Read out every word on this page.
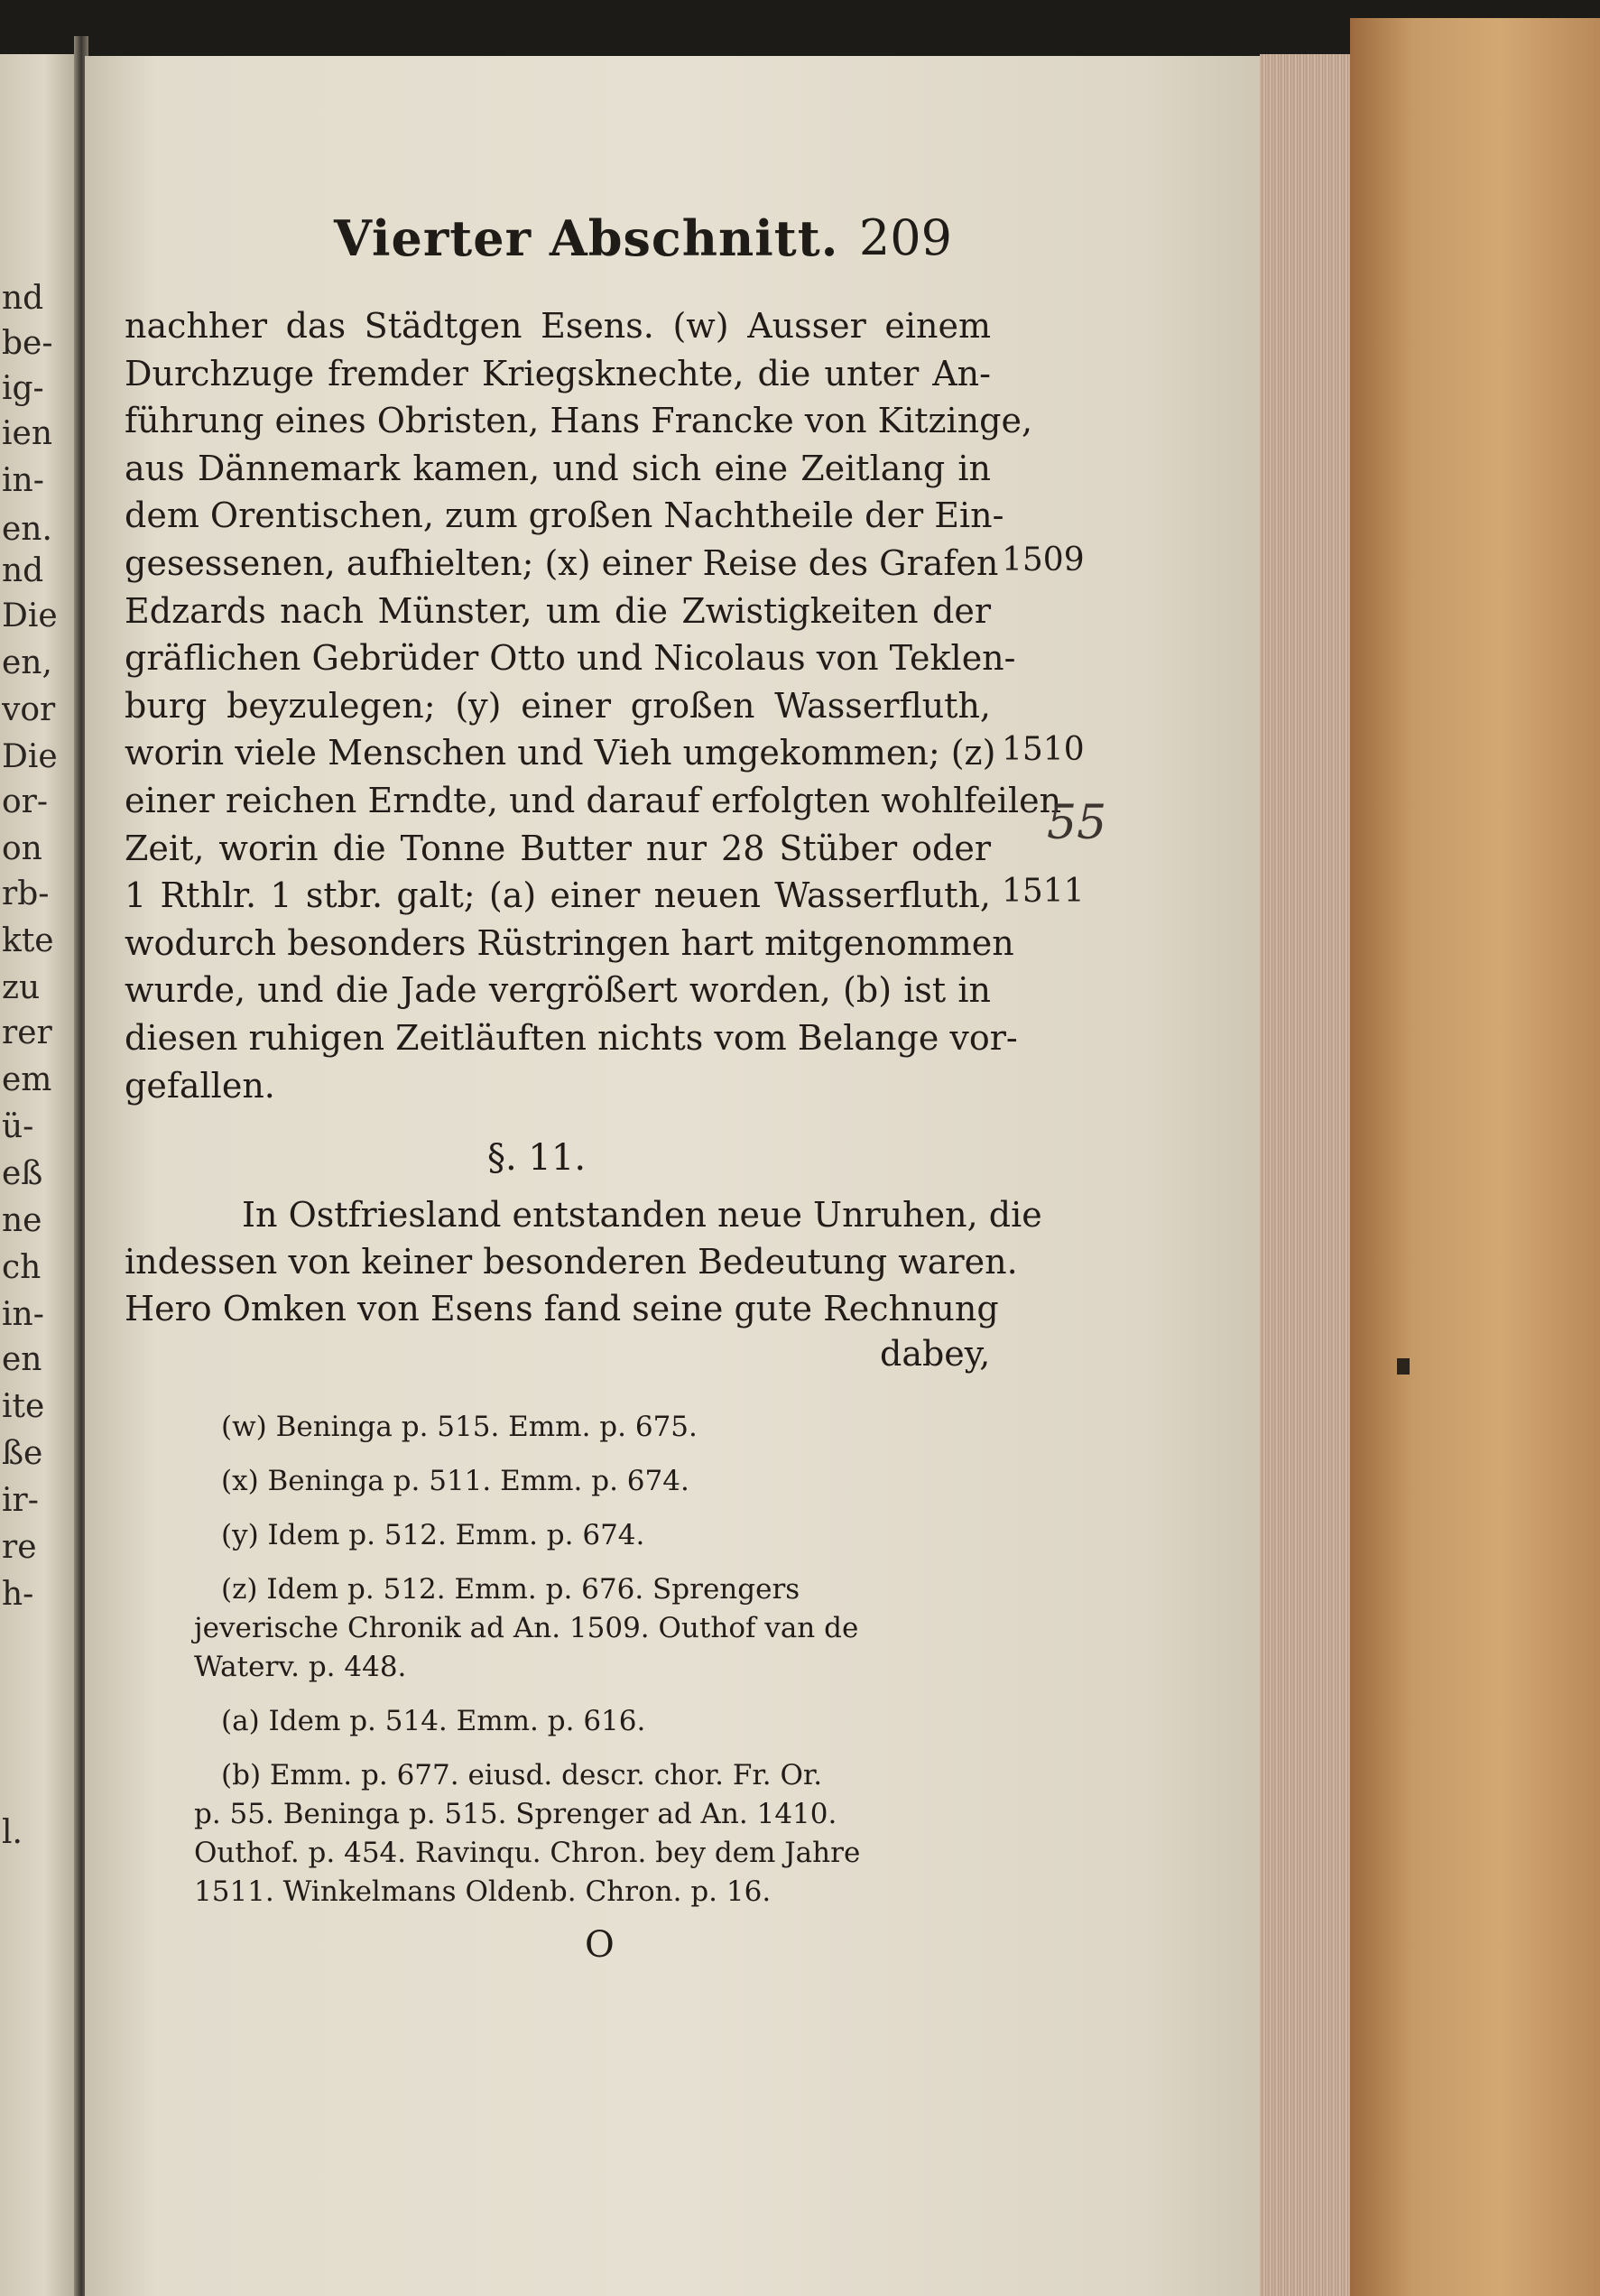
nd
be-
ig-
ien
in-
en.
nd
Die
en,
vor
Die
or-
on
rb-
kte
zu
rer
em
ü-
eß
ne
ch
in-
en
ite
ße
ir-
re
h-
l.
Vierter Abschnitt. 209
nachher das Städtgen Esens. (w) Ausser einem
Durchzuge fremder Kriegsknechte, die unter An-
führung eines Obristen, Hans Francke von Kitzinge,
aus Dännemark kamen, und sich eine Zeitlang in
dem Orentischen, zum großen Nachtheile der Ein-
gesessenen, aufhielten; (x) einer Reise des Grafen
Edzards nach Münster, um die Zwistigkeiten der
gräflichen Gebrüder Otto und Nicolaus von Teklen-
burg beyzulegen; (y) einer großen Wasserfluth,
worin viele Menschen und Vieh umgekommen; (z)
einer reichen Erndte, und darauf erfolgten wohlfeilen
Zeit, worin die Tonne Butter nur 28 Stüber oder
1 Rthlr. 1 stbr. galt; (a) einer neuen Wasserfluth,
wodurch besonders Rüstringen hart mitgenommen
wurde, und die Jade vergrößert worden, (b) ist in
diesen ruhigen Zeitläuften nichts vom Belange vor-
gefallen.
1509
1510
1511
55
§. 11.
In Ostfriesland entstanden neue Unruhen, die
indessen von keiner besonderen Bedeutung waren.
Hero Omken von Esens fand seine gute Rechnung
dabey,
(w) Beninga p. 515. Emm. p. 675.
(x) Beninga p. 511. Emm. p. 674.
(y) Idem p. 512. Emm. p. 674.
(z) Idem p. 512. Emm. p. 676. Sprengers
jeverische Chronik ad An. 1509. Outhof van de
Waterv. p. 448.
(a) Idem p. 514. Emm. p. 616.
(b) Emm. p. 677. eiusd. descr. chor. Fr. Or.
p. 55. Beninga p. 515. Sprenger ad An. 1410.
Outhof. p. 454. Ravinqu. Chron. bey dem Jahre
1511. Winkelmans Oldenb. Chron. p. 16.
O
